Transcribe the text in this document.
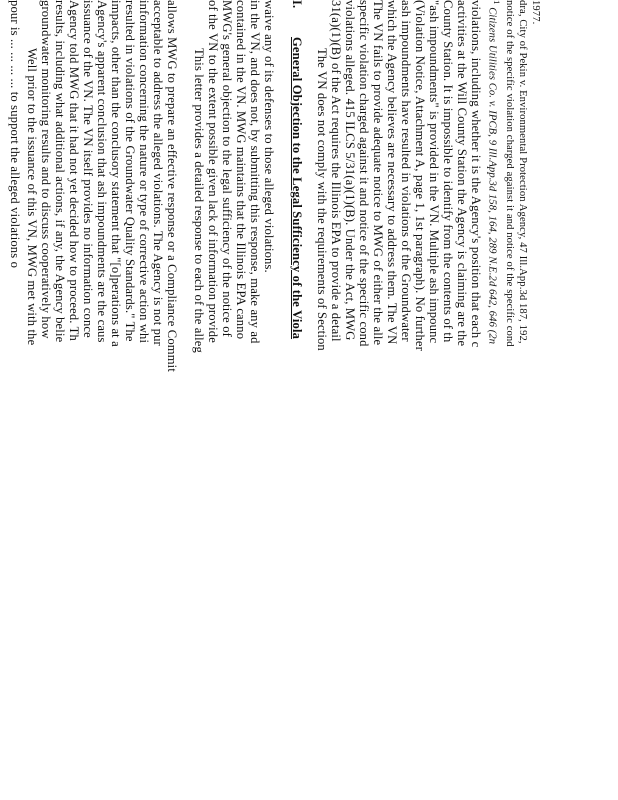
pour is ... ... ... ... to support the alleged violations o Well prior to the issuance of this VN, MWG met with the groundwater monitoring results and to discuss cooperatively how results, including what additional actions, if any, the Agency belie Agency told MWG that it had not yet decided how to proceed. Th issuance of the VN. The VN itself provides no information conce Agency's apparent conclusion that ash impoundments are the caus impacts, other than the conclusory statement that "[o]perations at a resulted in violations of the Groundwater Quality Standards." The information concerning the nature or type of corrective action whi acceptable to address the alleged violations. The Agency is not pur allows MWG to prepare an effective response or a Compliance Commit This letter provides a detailed response to each of the alleg of the VN to the extent possible given lack of information provide MWG's general objection to the legal sufficiency of the notice of contained in the VN. MWG maintains that the Illinois EPA canno in the VN, and does not, by submitting this response, make any ad waive any of its defenses to those alleged violations. I.  General Objection to the Legal Sufficiency of the Viola The VN does not comply with the requirements of Section 31(a)(1)(B) of the Act requires the Illinois EPA to provide a detail violations alleged. 415 ILCS 5/31(a)(1)(B). Under the Act, MWG specific violation charged against it and notice of the specific cond The VN fails to provide adequate notice to MWG of either the alle which the Agency believes are necessary to address them. The VN ash impoundments have resulted in violations of the Groundwater (Violation Notice, Attachment A, page 1, 1st paragraph). No further "ash impoundments" is provided in the VN. Multiple ash impounc County Station. It is impossible to identify from the contents of th activities at the Will County Station the Agency is claiming are the violations, including whether it is the Agency's position that each c	$^1$ Citizens Utilities Co. v. IPCB, 9 Ill.App.3d 158, 164, 289 N.E.2d 642, 646 (2n notice of the specific violation charged against it and notice of the specific cond dra, City of Pekin v. Environmental Protection Agency, 47 Ill.App.3d 187, 192, 1977.
